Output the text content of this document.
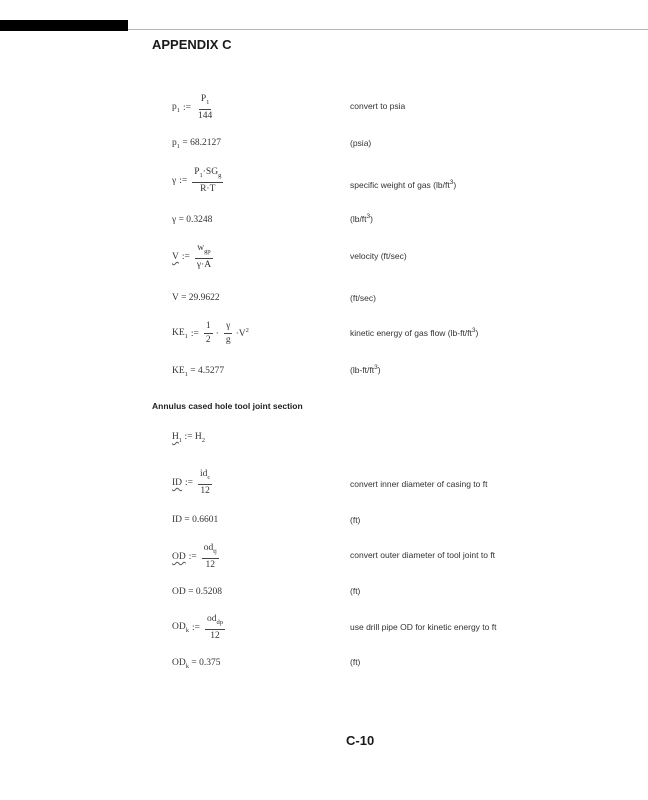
APPENDIX C
$p_1$ := $\frac{P_1}{144}$	convert to psia
$p_1 = 68.2127$	(psia)
γ := $\frac{P_1\cdot SG_g}{R\cdot T}$	specific weight of gas $(lb/ft^3)$
γ = 0.3248	$(lb/ft^3)$
V := $\frac{w_{gp}}{\gamma\cdot A}$	velocity (ft/sec)
V = 29.9622	(ft/sec)
$KE_1$ := $\frac{1}{2} \cdot \frac{\gamma}{g} \cdot V^2$	kinetic energy of gas flow $(lb-ft/ft^3)$
$KE_1 = 4.5277$	$(lb-ft/ft^3)$
Annulus cased hole tool joint section
$H_1$ := $H_2$
ID := $\frac{id_c}{12}$	convert inner diameter of casing to ft
ID = 0.6601	(ft)
OD := $\frac{od_{tj}}{12}$	convert outer diameter of tool joint to ft
OD = 0.5208	(ft)
$OD_k$ := $\frac{od_{dp}}{12}$	use drill pipe OD for kinetic energy to ft
$OD_k = 0.375$	(ft)
C-10
